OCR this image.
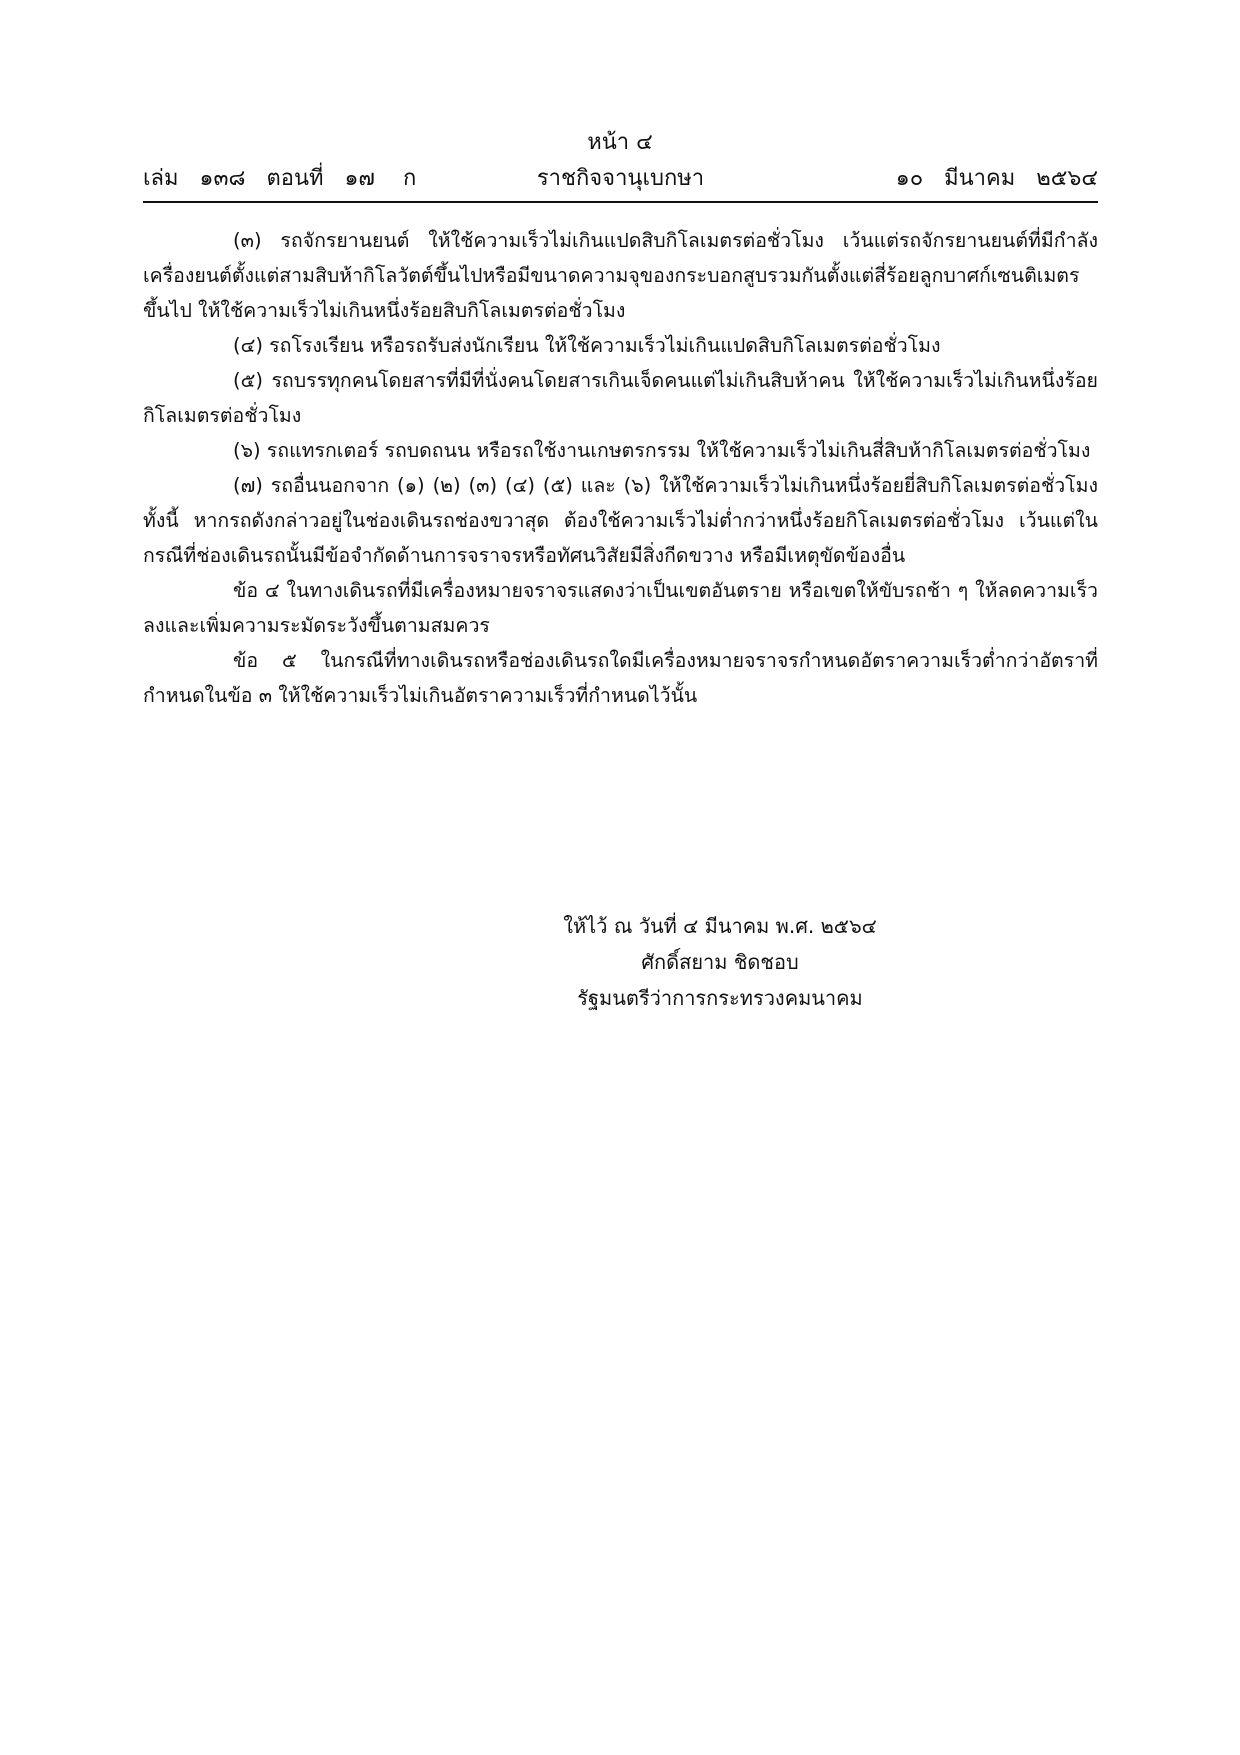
หน้า ๔
ราชกิจจานุเบกษา
เล่ม   ๑๓๘   ตอนที่   ๑๗    ก	๑๐   มีนาคม   ๒๕๖๔

(๓) รถจักรยานยนต์ ให้ใช้ความเร็วไม่เกินแปดสิบกิโลเมตรต่อชั่วโมง เว้นแต่รถจักรยานยนต์ที่มีกำลังเครื่องยนต์ตั้งแต่สามสิบห้ากิโลวัตต์ขึ้นไปหรือมีขนาดความจุของกระบอกสูบรวมกันตั้งแต่สี่ร้อยลูกบาศก์เซนติเมตรขึ้นไป ให้ใช้ความเร็วไม่เกินหนึ่งร้อยสิบกิโลเมตรต่อชั่วโมง

(๔) รถโรงเรียน หรือรถรับส่งนักเรียน ให้ใช้ความเร็วไม่เกินแปดสิบกิโลเมตรต่อชั่วโมง

(๕) รถบรรทุกคนโดยสารที่มีที่นั่งคนโดยสารเกินเจ็ดคนแต่ไม่เกินสิบห้าคน ให้ใช้ความเร็วไม่เกินหนึ่งร้อยกิโลเมตรต่อชั่วโมง

(๖) รถแทรกเตอร์ รถบดถนน หรือรถใช้งานเกษตรกรรม ให้ใช้ความเร็วไม่เกินสี่สิบห้ากิโลเมตรต่อชั่วโมง

(๗) รถอื่นนอกจาก (๑) (๒) (๓) (๔) (๕) และ (๖) ให้ใช้ความเร็วไม่เกินหนึ่งร้อยยี่สิบกิโลเมตรต่อชั่วโมง ทั้งนี้ หากรถดังกล่าวอยู่ในช่องเดินรถช่องขวาสุด ต้องใช้ความเร็วไม่ต่ำกว่าหนึ่งร้อยกิโลเมตรต่อชั่วโมง เว้นแต่ในกรณีที่ช่องเดินรถนั้นมีข้อจำกัดด้านการจราจรหรือทัศนวิสัยมีสิ่งกีดขวาง หรือมีเหตุขัดข้องอื่น

ข้อ ๔ ในทางเดินรถที่มีเครื่องหมายจราจรแสดงว่าเป็นเขตอันตราย หรือเขตให้ขับรถช้า ๆ ให้ลดความเร็วลงและเพิ่มความระมัดระวังขึ้นตามสมควร

ข้อ ๕ ในกรณีที่ทางเดินรถหรือช่องเดินรถใดมีเครื่องหมายจราจรกำหนดอัตราความเร็วต่ำกว่าอัตราที่กำหนดในข้อ ๓ ให้ใช้ความเร็วไม่เกินอัตราความเร็วที่กำหนดไว้นั้น

ให้ไว้ ณ วันที่ ๔ มีนาคม พ.ศ. ๒๕๖๔
ศักดิ์สยาม ชิดชอบ
รัฐมนตรีว่าการกระทรวงคมนาคม
